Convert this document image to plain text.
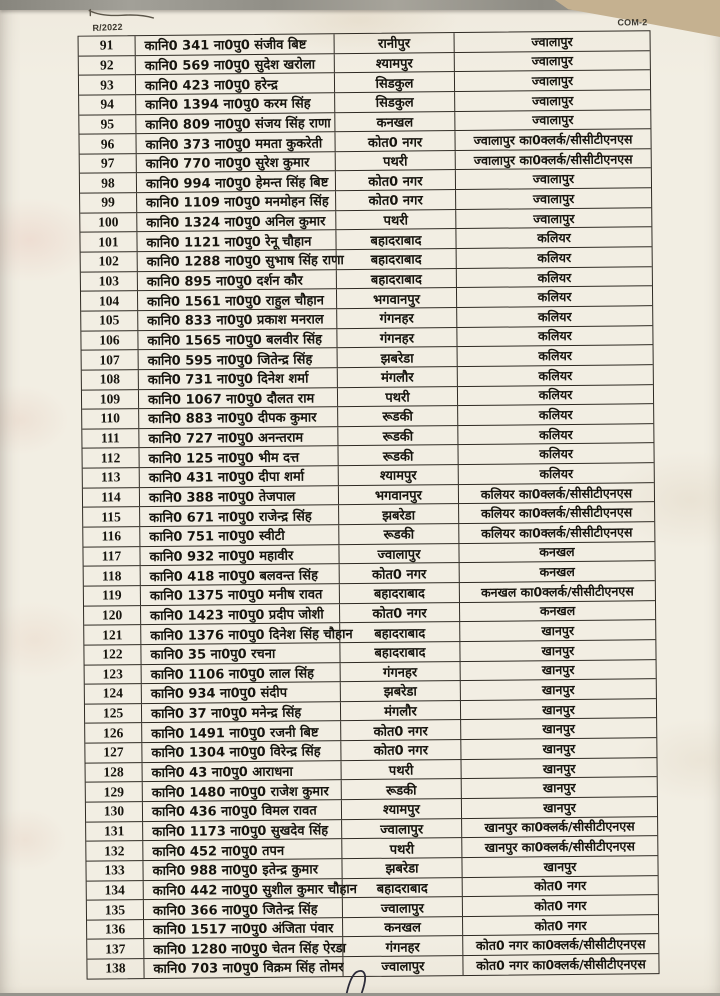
R/2022	COM-2
91	कानि0 341 ना0पु0 संजीव बिष्ट	रानीपुर	ज्वालापुर
92	कानि0 569 ना0पु0 सुदेश खरोला	श्यामपुर	ज्वालापुर
93	कानि0 423 ना0पु0 हरेन्द्र	सिडकुल	ज्वालापुर
94	कानि0 1394 ना0पु0 करम सिंह	सिडकुल	ज्वालापुर
95	कानि0 809 ना0पु0 संजय सिंह राणा	कनखल	ज्वालापुर
96	कानि0 373 ना0पु0 ममता कुकरेती	कोत0 नगर	ज्वालापुर का0क्लर्क/सीसीटीएनएस
97	कानि0 770 ना0पु0 सुरेश कुमार	पथरी	ज्वालापुर का0क्लर्क/सीसीटीएनएस
98	कानि0 994 ना0पु0 हेमन्त सिंह बिष्ट	कोत0 नगर	ज्वालापुर
99	कानि0 1109 ना0पु0 मनमोहन सिंह	कोत0 नगर	ज्वालापुर
100	कानि0 1324 ना0पु0 अनिल कुमार	पथरी	ज्वालापुर
101	कानि0 1121 ना0पु0 रेनू चौहान	बहादराबाद	कलियर
102	कानि0 1288 ना0पु0 सुभाष सिंह राणा	बहादराबाद	कलियर
103	कानि0 895 ना0पु0 दर्शन कौर	बहादराबाद	कलियर
104	कानि0 1561 ना0पु0 राहुल चौहान	भगवानपुर	कलियर
105	कानि0 833 ना0पु0 प्रकाश मनराल	गंगनहर	कलियर
106	कानि0 1565 ना0पु0 बलवीर सिंह	गंगनहर	कलियर
107	कानि0 595 ना0पु0 जितेन्द्र सिंह	झबरेडा	कलियर
108	कानि0 731 ना0पु0 दिनेश शर्मा	मंगलौर	कलियर
109	कानि0 1067 ना0पु0 दौलत राम	पथरी	कलियर
110	कानि0 883 ना0पु0 दीपक कुमार	रूडकी	कलियर
111	कानि0 727 ना0पु0 अनन्तराम	रूडकी	कलियर
112	कानि0 125 ना0पु0 भीम दत्त	रूडकी	कलियर
113	कानि0 431 ना0पु0 दीपा शर्मा	श्यामपुर	कलियर
114	कानि0 388 ना0पु0 तेजपाल	भगवानपुर	कलियर का0क्लर्क/सीसीटीएनएस
115	कानि0 671 ना0पु0 राजेन्द्र सिंह	झबरेडा	कलियर का0क्लर्क/सीसीटीएनएस
116	कानि0 751 ना0पु0 स्वीटी	रूडकी	कलियर का0क्लर्क/सीसीटीएनएस
117	कानि0 932 ना0पु0 महावीर	ज्वालापुर	कनखल
118	कानि0 418 ना0पु0 बलवन्त सिंह	कोत0 नगर	कनखल
119	कानि0 1375 ना0पु0 मनीष रावत	बहादराबाद	कनखल का0क्लर्क/सीसीटीएनएस
120	कानि0 1423 ना0पु0 प्रदीप जोशी	कोत0 नगर	कनखल
121	कानि0 1376 ना0पु0 दिनेश सिंह चौहान	बहादराबाद	खानपुर
122	कानि0 35 ना0पु0 रचना	बहादराबाद	खानपुर
123	कानि0 1106 ना0पु0 लाल सिंह	गंगनहर	खानपुर
124	कानि0 934 ना0पु0 संदीप	झबरेडा	खानपुर
125	कानि0 37 ना0पु0 मनेन्द्र सिंह	मंगलौर	खानपुर
126	कानि0 1491 ना0पु0 रजनी बिष्ट	कोत0 नगर	खानपुर
127	कानि0 1304 ना0पु0 विरेन्द्र सिंह	कोत0 नगर	खानपुर
128	कानि0 43 ना0पु0 आराधना	पथरी	खानपुर
129	कानि0 1480 ना0पु0 राजेश कुमार	रूडकी	खानपुर
130	कानि0 436 ना0पु0 विमल रावत	श्यामपुर	खानपुर
131	कानि0 1173 ना0पु0 सुखदेव सिंह	ज्वालापुर	खानपुर का0क्लर्क/सीसीटीएनएस
132	कानि0 452 ना0पु0 तपन	पथरी	खानपुर का0क्लर्क/सीसीटीएनएस
133	कानि0 988 ना0पु0 इतेन्द्र कुमार	झबरेडा	खानपुर
134	कानि0 442 ना0पु0 सुशील कुमार चौहान	बहादराबाद	कोत0 नगर
135	कानि0 366 ना0पु0 जितेन्द्र सिंह	ज्वालापुर	कोत0 नगर
136	कानि0 1517 ना0पु0 अंजिता पंवार	कनखल	कोत0 नगर
137	कानि0 1280 ना0पु0 चेतन सिंह ऐरडा	गंगनहर	कोत0 नगर का0क्लर्क/सीसीटीएनएस
138	कानि0 703 ना0पु0 विक्रम सिंह तोमर	ज्वालापुर	कोत0 नगर का0क्लर्क/सीसीटीएनएस
